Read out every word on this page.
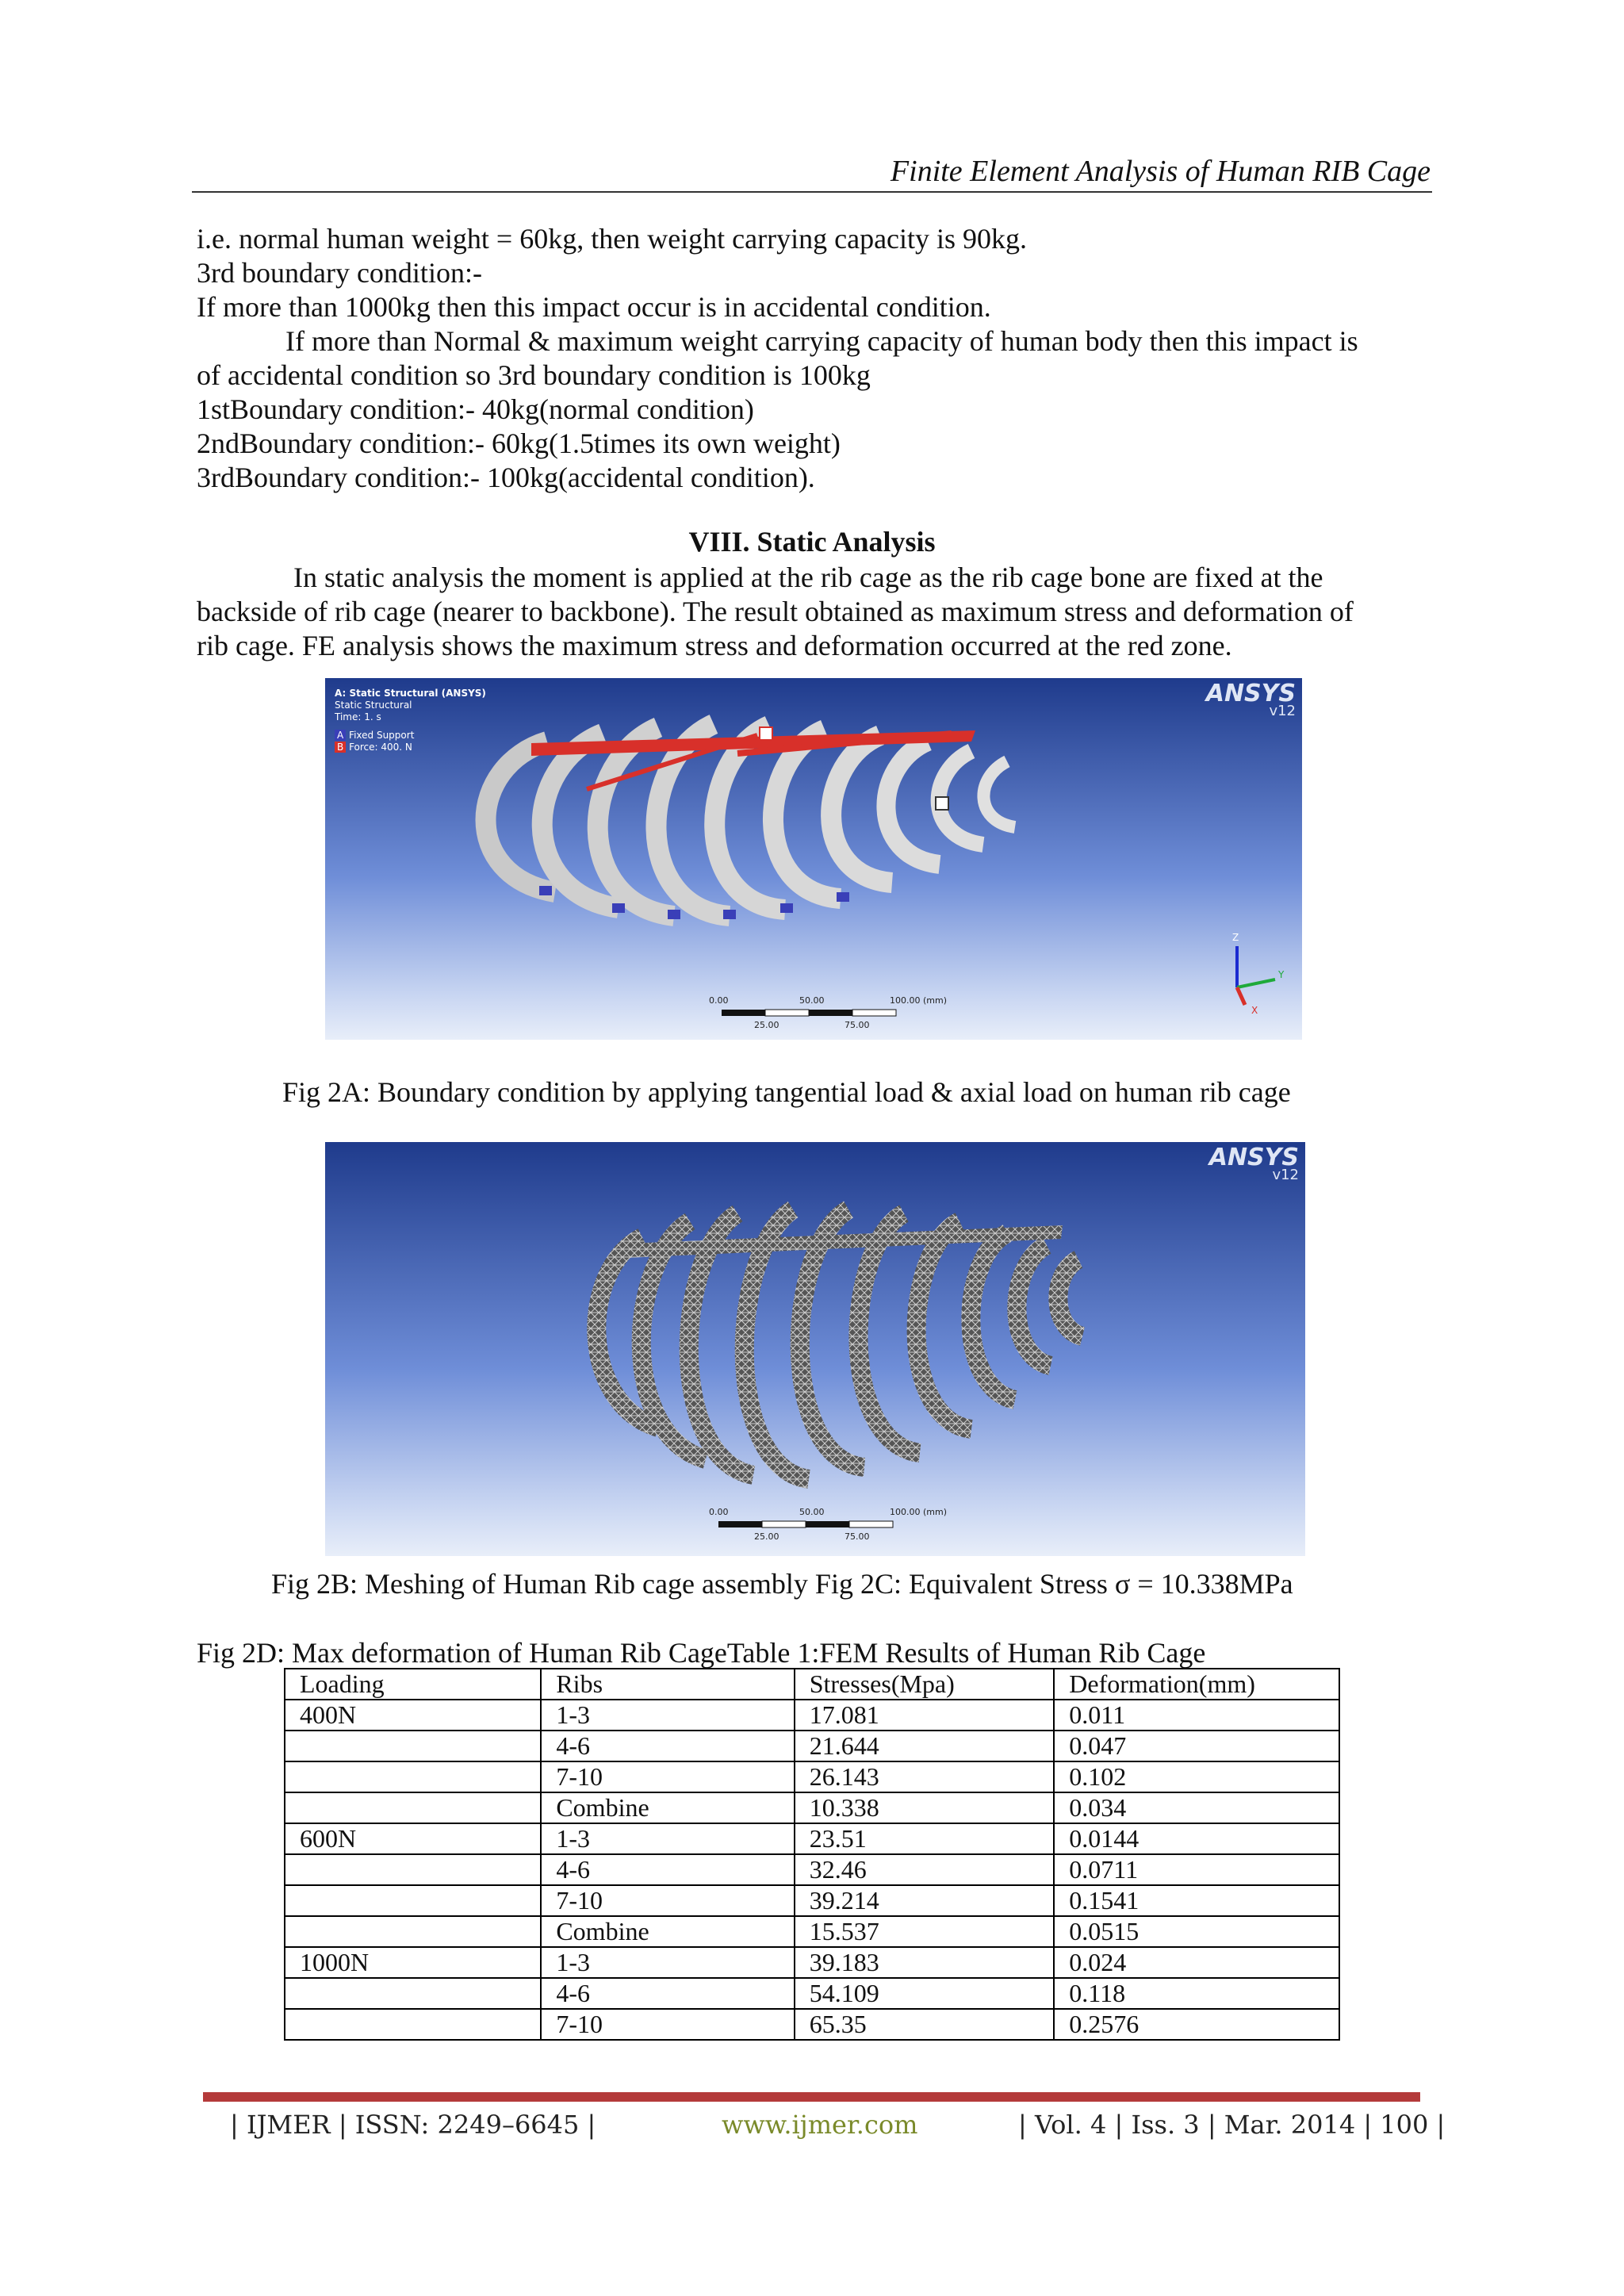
Finite Element Analysis of Human RIB Cage
i.e. normal human weight = 60kg, then weight carrying capacity is 90kg.
3rd boundary condition:-
If more than 1000kg then this impact occur is in accidental condition.
If more than Normal & maximum weight carrying capacity of human body then this impact is
of accidental condition so 3rd boundary condition is 100kg
1stBoundary condition:- 40kg(normal condition)
2ndBoundary condition:- 60kg(1.5times its own weight)
3rdBoundary condition:- 100kg(accidental condition).
VIII. Static Analysis
In static analysis the moment is applied at the rib cage as the rib cage bone are fixed at the
backside of rib cage (nearer to backbone). The result obtained as maximum stress and deformation of
rib cage. FE analysis shows the maximum stress and deformation occurred at the red zone.
A: Static Structural (ANSYS)
Static Structural
Time: 1. s
A Fixed Support
B Force: 400. N
ANSYS
v12
0.00	50.00	100.00 (mm)
25.00	75.00
Z
Y
X
Fig 2A: Boundary condition by applying tangential load & axial load on human rib cage
ANSYS
v12
0.00	50.00	100.00 (mm)
25.00	75.00
Fig 2B: Meshing of Human Rib cage assembly Fig 2C: Equivalent Stress σ = 10.338MPa
Fig 2D: Max deformation of Human Rib CageTable 1:FEM Results of Human Rib Cage
Loading	Ribs	Stresses(Mpa)	Deformation(mm)
400N	1-3	17.081	0.011
	4-6	21.644	0.047
	7-10	26.143	0.102
	Combine	10.338	0.034
600N	1-3	23.51	0.0144
	4-6	32.46	0.0711
	7-10	39.214	0.1541
	Combine	15.537	0.0515
1000N	1-3	39.183	0.024
	4-6	54.109	0.118
	7-10	65.35	0.2576
| IJMER | ISSN: 2249–6645 |	www.ijmer.com	| Vol. 4 | Iss. 3 | Mar. 2014 | 100 |
